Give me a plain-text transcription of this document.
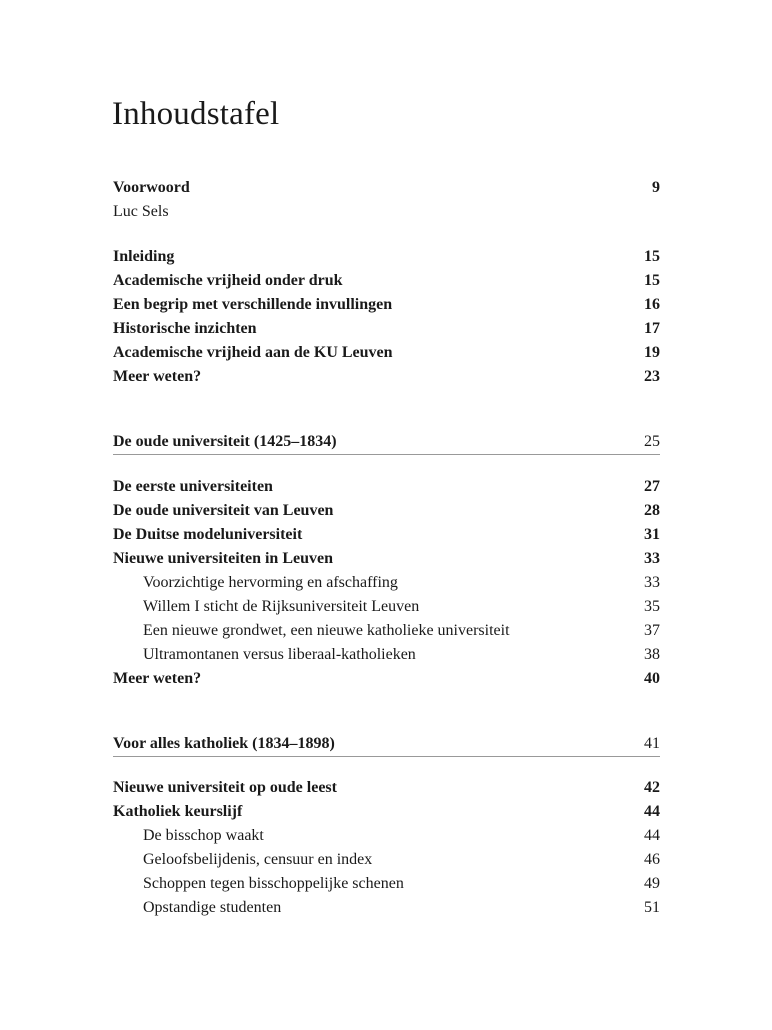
Inhoudstafel
Voorwoord	9
Luc Sels
Inleiding	15
Academische vrijheid onder druk	15
Een begrip met verschillende invullingen	16
Historische inzichten	17
Academische vrijheid aan de KU Leuven	19
Meer weten?	23
De oude universiteit (1425–1834)	25
De eerste universiteiten	27
De oude universiteit van Leuven	28
De Duitse modeluniversiteit	31
Nieuwe universiteiten in Leuven	33
Voorzichtige hervorming en afschaffing	33
Willem I sticht de Rijksuniversiteit Leuven	35
Een nieuwe grondwet, een nieuwe katholieke universiteit	37
Ultramontanen versus liberaal-katholieken	38
Meer weten?	40
Voor alles katholiek (1834–1898)	41
Nieuwe universiteit op oude leest	42
Katholiek keurslijf	44
De bisschop waakt	44
Geloofsbelijdenis, censuur en index	46
Schoppen tegen bisschoppelijke schenen	49
Opstandige studenten	51
